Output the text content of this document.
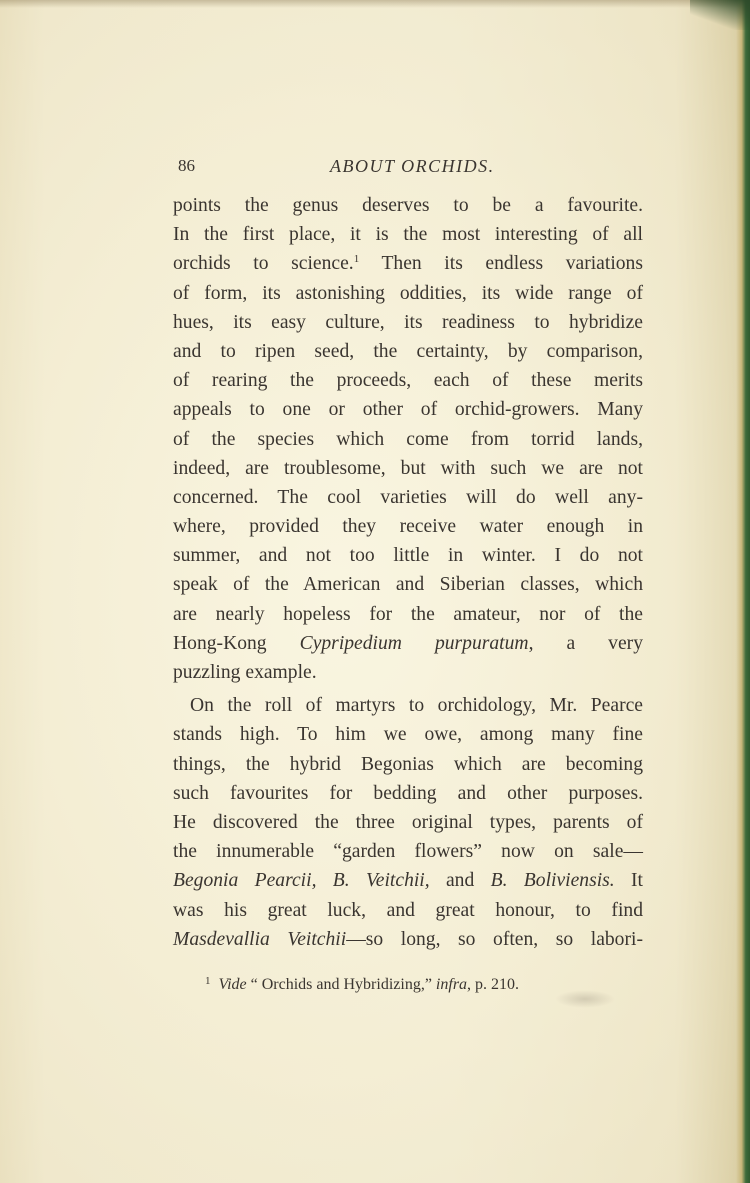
86	ABOUT ORCHIDS.
points the genus deserves to be a favourite.
In the first place, it is the most interesting of all
orchids to science.$^1$ Then its endless variations
of form, its astonishing oddities, its wide range of
hues, its easy culture, its readiness to hybridize
and to ripen seed, the certainty, by comparison,
of rearing the proceeds, each of these merits
appeals to one or other of orchid-growers. Many
of the species which come from torrid lands,
indeed, are troublesome, but with such we are not
concerned. The cool varieties will do well any-
where, provided they receive water enough in
summer, and not too little in winter. I do not
speak of the American and Siberian classes, which
are nearly hopeless for the amateur, nor of the
Hong-Kong Cypripedium purpuratum, a very
puzzling example.
On the roll of martyrs to orchidology, Mr. Pearce
stands high. To him we owe, among many fine
things, the hybrid Begonias which are becoming
such favourites for bedding and other purposes.
He discovered the three original types, parents of
the innumerable “garden flowers” now on sale—
Begonia Pearcii, B. Veitchii, and B. Boliviensis. It
was his great luck, and great honour, to find
Masdevallia Veitchii—so long, so often, so labori-
$^1$ Vide “ Orchids and Hybridizing,” infra, p. 210.
